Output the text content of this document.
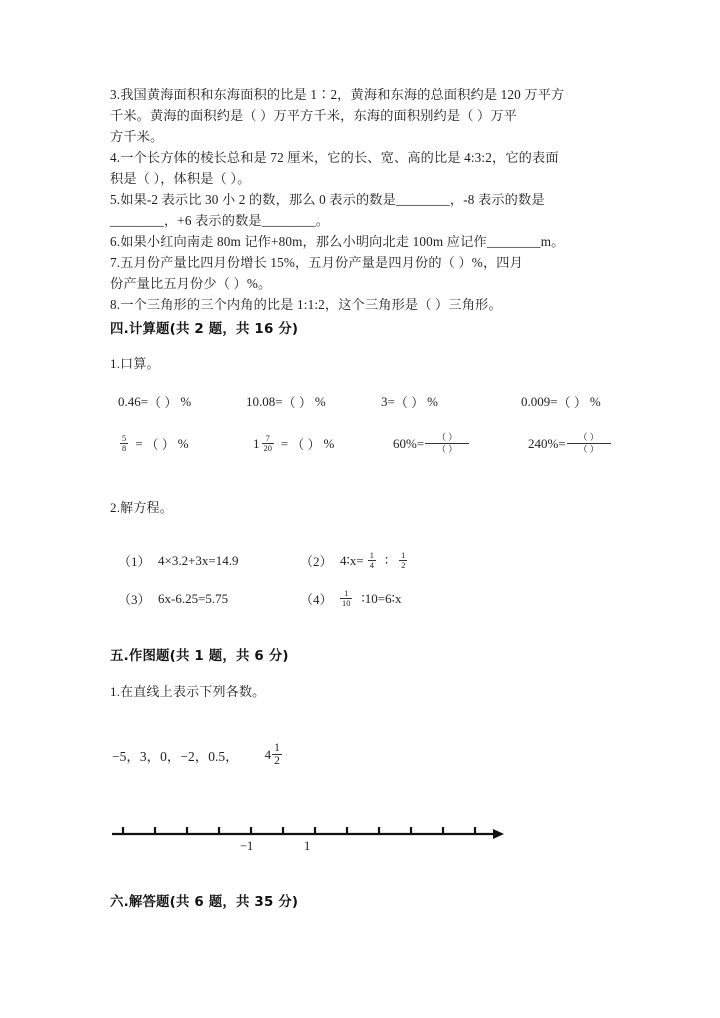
3.我国黄海面积和东海面积的比是 1∶2，黄海和东海的总面积约是 120 万平方
千米。黄海的面积约是（ ）万平方千米，东海的面积别约是（ ）万平
方千米。
4.一个长方体的棱长总和是 72 厘米，它的长、宽、高的比是 4:3:2，它的表面
积是（ ），体积是（ ）。
5.如果-2 表示比 30 小 2 的数，那么 0 表示的数是________，-8 表示的数是
________，+6 表示的数是________。
6.如果小红向南走 80m 记作+80m，那么小明向北走 100m 应记作________m。
7.五月份产量比四月份增长 15%，五月份产量是四月份的（ ）%，四月
份产量比五月份少（ ）%。
8.一个三角形的三个内角的比是 1:1:2，这个三角形是（ ）三角形。
四.计算题(共 2 题，共 16 分)
1.口算。
0.46= （ ） %	10.08= （ ） %	3= （ ） %	0.009= （ ） %
$\frac{5}{8}$ = （ ） %	$1 \frac{7}{20}$ = （ ） %	$60\%= \frac{( )}{( )}$	$240\%= \frac{( )}{( )}$
2.解方程。
（1） 4×3.2+3x=14.9	（2） 4∶x= $\frac{1}{4}$ ∶ $\frac{1}{2}$
（3） 6x-6.25=5.75	$(4) \frac{1}{10}$ ∶10=6∶x
五.作图题(共 1 题，共 6 分)
1.在直线上表示下列各数。
−5，3，0，−2，0.5， $4 \frac{1}{2}$
−1	1
六.解答题(共 6 题，共 35 分)
